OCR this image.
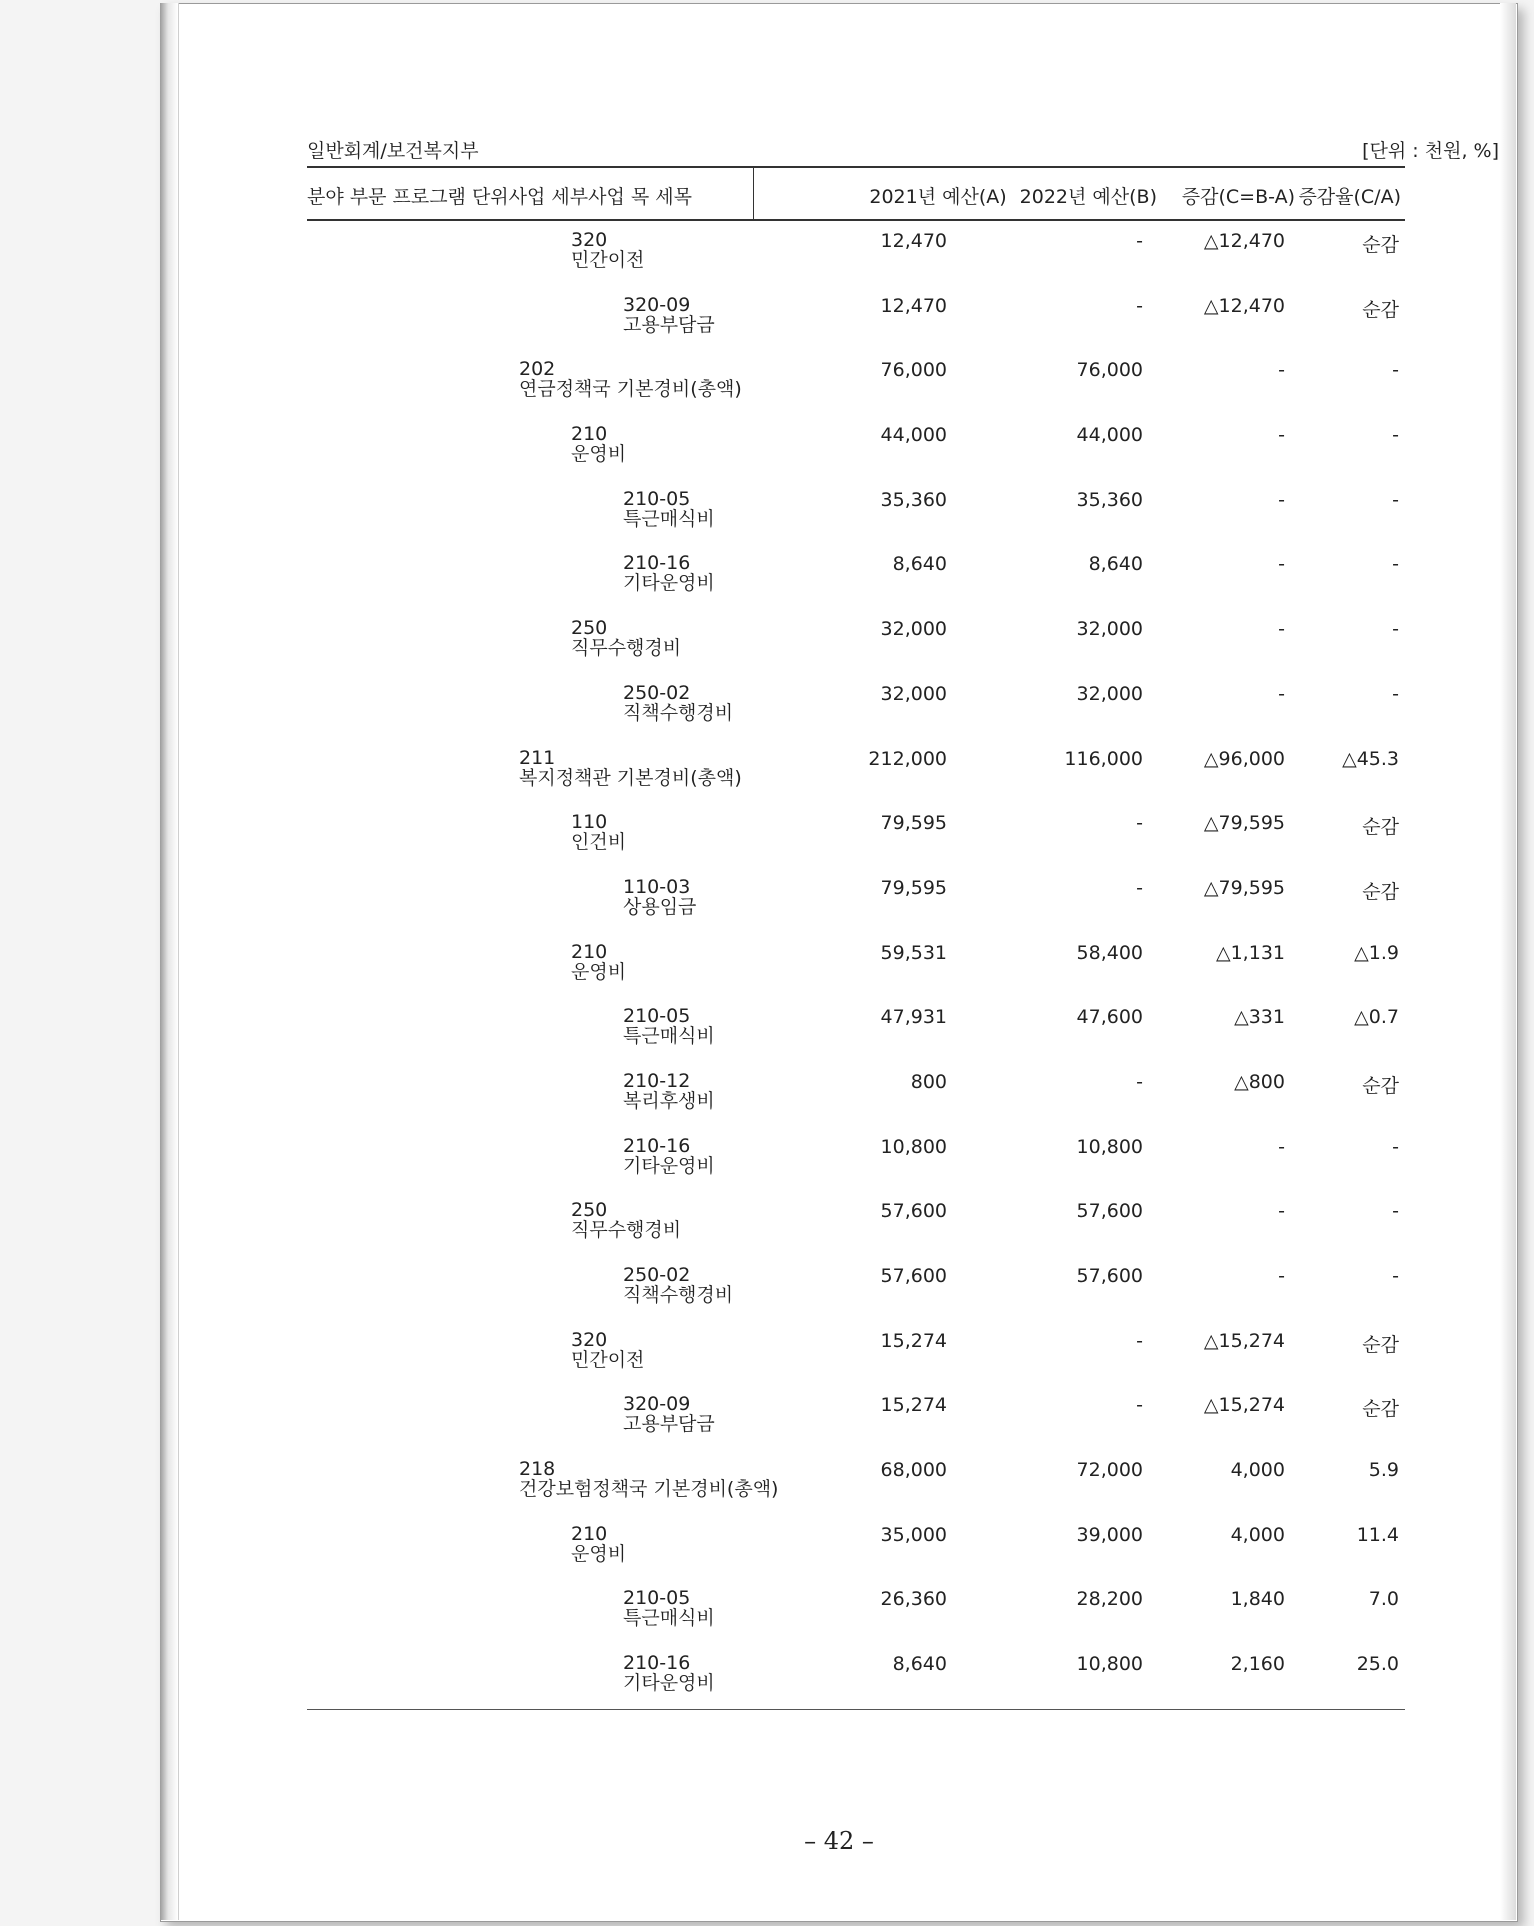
일반회계/보건복지부	[단위 : 천원, %]
분야 부문 프로그램 단위사업 세부사업 목 세목	2021년 예산(A) 2022년 예산(B)	증감(C=B-A) 증감율(C/A)
320
민간이전
12,470	-	△12,470	순감
320-09
고용부담금
12,470	-	△12,470	순감
202
연금정책국 기본경비(총액)
76,000	76,000	-	-
210
운영비
44,000	44,000	-	-
210-05
특근매식비
35,360	35,360	-	-
210-16
기타운영비
8,640	8,640	-	-
250
직무수행경비
32,000	32,000	-	-
250-02
직책수행경비
32,000	32,000	-	-
211
복지정책관 기본경비(총액)
212,000	116,000	△96,000	△45.3
110
인건비
79,595	-	△79,595	순감
110-03
상용임금
79,595	-	△79,595	순감
210
운영비
59,531	58,400	△1,131	△1.9
210-05
특근매식비
47,931	47,600	△331	△0.7
210-12
복리후생비
800	-	△800	순감
210-16
기타운영비
10,800	10,800	-	-
250
직무수행경비
57,600	57,600	-	-
250-02
직책수행경비
57,600	57,600	-	-
320
민간이전
15,274	-	△15,274	순감
320-09
고용부담금
15,274	-	△15,274	순감
218
건강보험정책국 기본경비(총액)
68,000	72,000	4,000	5.9
210
운영비
35,000	39,000	4,000	11.4
210-05
특근매식비
26,360	28,200	1,840	7.0
210-16
기타운영비
8,640	10,800	2,160	25.0
– 42 –
